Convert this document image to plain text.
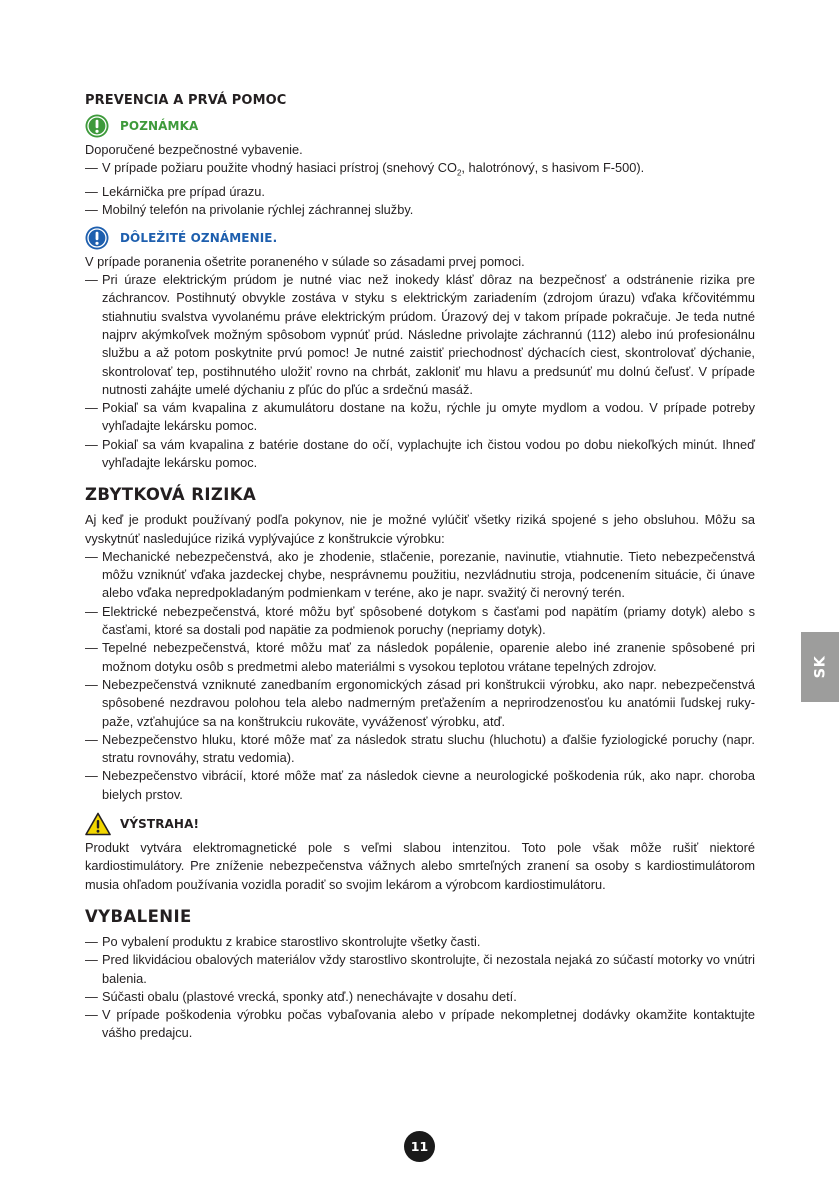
PREVENCIA A PRVÁ POMOC
POZNÁMKA

Doporučené bezpečnostné vybavenie.

— V prípade požiaru použite vhodný hasiaci prístroj (snehový $CO_2$, halotrónový, s hasivom F-500).
— Lekárnička pre prípad úrazu.
— Mobilný telefón na privolanie rýchlej záchrannej služby.
DÔLEŽITÉ OZNÁMENIE.

V prípade poranenia ošetrite poraneného v súlade so zásadami prvej pomoci.

— Pri úraze elektrickým prúdom je nutné viac než inokedy klásť dôraz na bezpečnosť a odstránenie rizika pre záchrancov. Postihnutý obvykle zostáva v styku s elektrickým zariadením (zdrojom úrazu) vďaka kŕčovitémmu stiahnutiu svalstva vyvolanému práve elektrickým prúdom. Úrazový dej v takom prípade pokračuje. Je teda nutné najprv akýmkoľvek možným spôsobom vypnúť prúd. Následne privolajte záchrannú (112) alebo inú profesionálnu službu a až potom poskytnite prvú pomoc! Je nutné zaistiť priechodnosť dýchacích ciest, skontrolovať dýchanie, skontrolovať tep, postihnutého uložiť rovno na chrbát, zakloniť mu hlavu a predsunúť mu dolnú čeľusť. V prípade nutnosti zahájte umelé dýchaniu z pľúc do pľúc a srdečnú masáž.
— Pokiaľ sa vám kvapalina z akumulátoru dostane na kožu, rýchle ju omyte mydlom a vodou. V prípade potreby vyhľadajte lekársku pomoc.
— Pokiaľ sa vám kvapalina z batérie dostane do očí, vyplachujte ich čistou vodou po dobu niekoľkých minút. Ihneď vyhľadajte lekársku pomoc.
ZBYTKOVÁ RIZIKA

Aj keď je produkt používaný podľa pokynov, nie je možné vylúčiť všetky riziká spojené s jeho obsluhou. Môžu sa vyskytnúť nasledujúce riziká vyplývajúce z konštrukcie výrobku:

— Mechanické nebezpečenstvá, ako je zhodenie, stlačenie, porezanie, navinutie, vtiahnutie. Tieto nebezpečenstvá môžu vzniknúť vďaka jazdeckej chybe, nesprávnemu použitiu, nezvládnutiu stroja, podcenením situácie, či únave alebo vďaka nepredpokladaným podmienkam v teréne, ako je napr. svažitý či nerovný terén.
— Elektrické nebezpečenstvá, ktoré môžu byť spôsobené dotykom s časťami pod napätím (priamy dotyk) alebo s časťami, ktoré sa dostali pod napätie za podmienok poruchy (nepriamy dotyk).
— Tepelné nebezpečenstvá, ktoré môžu mať za následok popálenie, oparenie alebo iné zranenie spôsobené pri možnom dotyku osôb s predmetmi alebo materiálmi s vysokou teplotou vrátane tepelných zdrojov.
— Nebezpečenstvá vzniknuté zanedbaním ergonomických zásad pri konštrukcii výrobku, ako napr. nebezpečenstvá spôsobené nezdravou polohou tela alebo nadmerným preťažením a neprirodzenosťou ku anatómii ľudskej ruky-paže, vzťahujúce sa na konštrukciu rukoväte, vyváženosť výrobku, atď.
— Nebezpečenstvo hluku, ktoré môže mať za následok stratu sluchu (hluchotu) a ďalšie fyziologické poruchy (napr. stratu rovnováhy, stratu vedomia).
— Nebezpečenstvo vibrácií, ktoré môže mať za následok cievne a neurologické poškodenia rúk, ako napr. choroba bielych prstov.
VÝSTRAHA!

Produkt vytvára elektromagnetické pole s veľmi slabou intenzitou. Toto pole však môže rušiť niektoré kardiostimulátory. Pre zníženie nebezpečenstva vážnych alebo smrteľných zranení sa osoby s kardiostimulátorom musia ohľadom používania vozidla poradiť so svojim lekárom a výrobcom kardiostimulátoru.

VYBALENIE
— Po vybalení produktu z krabice starostlivo skontrolujte všetky časti.
— Pred likvidáciou obalových materiálov vždy starostlivo skontrolujte, či nezostala nejaká zo súčastí motorky vo vnútri balenia.
— Súčasti obalu (plastové vrecká, sponky atď.) nenechávajte v dosahu detí.
— V prípade poškodenia výrobku počas vybaľovania alebo v prípade nekompletnej dodávky okamžite kontaktujte vášho predajcu.
SK
11
